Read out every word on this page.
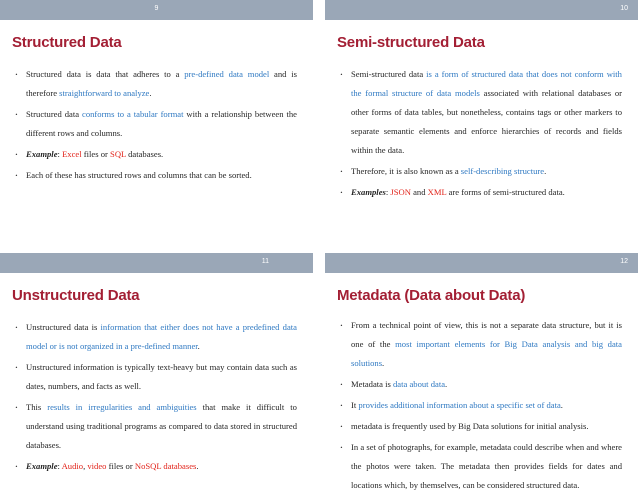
9
Structured Data
· Structured data is data that adheres to a pre-defined data model and is therefore straightforward to analyze.
· Structured data conforms to a tabular format with a relationship between the different rows and columns.
· Example: Excel files or SQL databases.
· Each of these has structured rows and columns that can be sorted.
10
Semi-structured Data
· Semi-structured data is a form of structured data that does not conform with the formal structure of data models associated with relational databases or other forms of data tables, but nonetheless, contains tags or other markers to separate semantic elements and enforce hierarchies of records and fields within the data.
· Therefore, it is also known as a self-describing structure.
· Examples: JSON and XML are forms of semi-structured data.
11
Unstructured Data
· Unstructured data is information that either does not have a predefined data model or is not organized in a pre-defined manner.
· Unstructured information is typically text-heavy but may contain data such as dates, numbers, and facts as well.
· This results in irregularities and ambiguities that make it difficult to understand using traditional programs as compared to data stored in structured databases.
· Example: Audio, video files or NoSQL databases.
12
Metadata (Data about Data)
· From a technical point of view, this is not a separate data structure, but it is one of the most important elements for Big Data analysis and big data solutions.
· Metadata is data about data.
· It provides additional information about a specific set of data.
· metadata is frequently used by Big Data solutions for initial analysis.
· In a set of photographs, for example, metadata could describe when and where the photos were taken. The metadata then provides fields for dates and locations which, by themselves, can be considered structured data.
